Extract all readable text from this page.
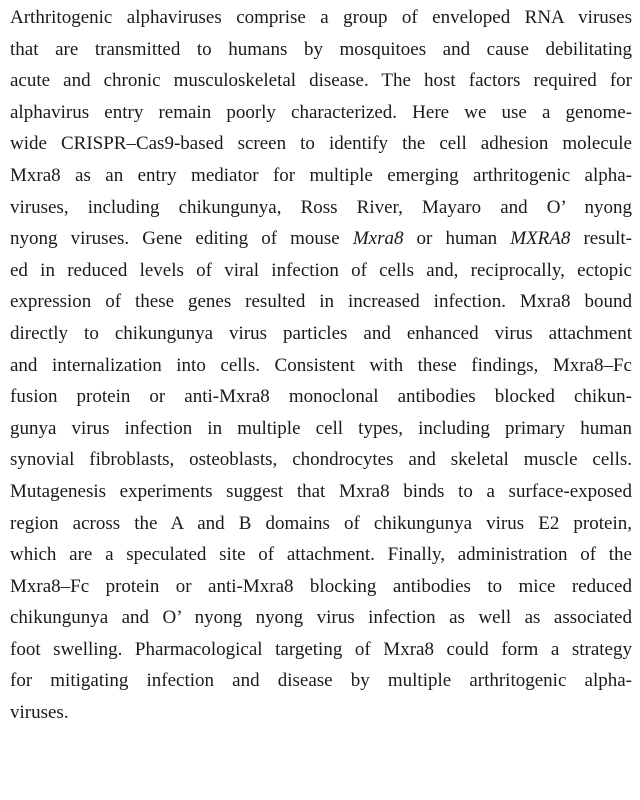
Arthritogenic alphaviruses comprise a group of enveloped RNA viruses
that are transmitted to humans by mosquitoes and cause debilitating
acute and chronic musculoskeletal disease. The host factors required for
alphavirus entry remain poorly characterized. Here we use a genome-
wide CRISPR–Cas9-based screen to identify the cell adhesion molecule
Mxra8 as an entry mediator for multiple emerging arthritogenic alpha-
viruses, including chikungunya, Ross River, Mayaro and O’ nyong
nyong viruses. Gene editing of mouse Mxra8 or human MXRA8 result-
ed in reduced levels of viral infection of cells and, reciprocally, ectopic
expression of these genes resulted in increased infection. Mxra8 bound
directly to chikungunya virus particles and enhanced virus attachment
and internalization into cells. Consistent with these findings, Mxra8–Fc
fusion protein or anti-Mxra8 monoclonal antibodies blocked chikun-
gunya virus infection in multiple cell types, including primary human
synovial fibroblasts, osteoblasts, chondrocytes and skeletal muscle cells.
Mutagenesis experiments suggest that Mxra8 binds to a surface-exposed
region across the A and B domains of chikungunya virus E2 protein,
which are a speculated site of attachment. Finally, administration of the
Mxra8–Fc protein or anti-Mxra8 blocking antibodies to mice reduced
chikungunya and O’ nyong nyong virus infection as well as associated
foot swelling. Pharmacological targeting of Mxra8 could form a strategy
for mitigating infection and disease by multiple arthritogenic alpha-
viruses.
